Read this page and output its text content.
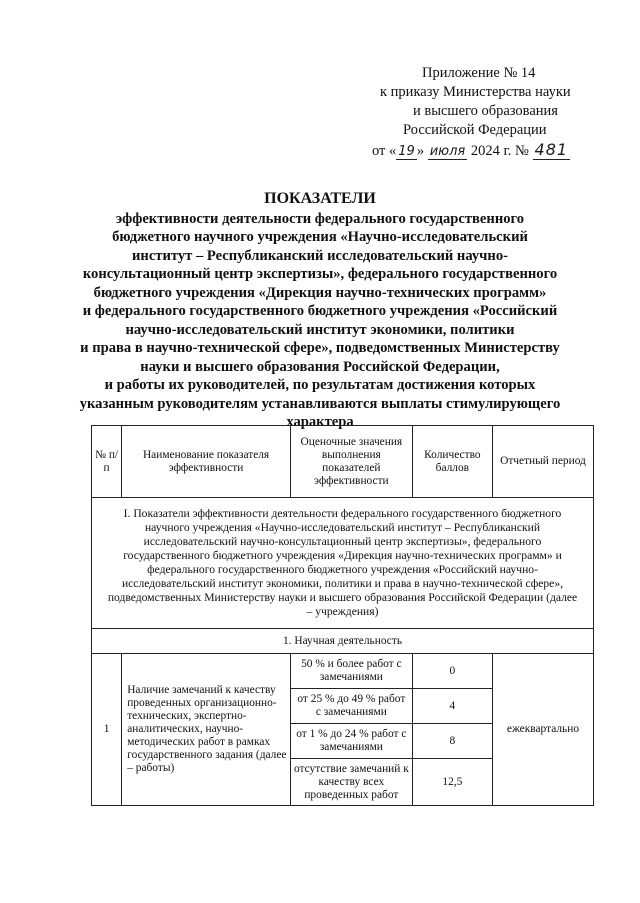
Приложение № 14
к приказу Министерства науки
и высшего образования
Российской Федерации
от « 19 » июля 2024 г. № 481
ПОКАЗАТЕЛИ
эффективности деятельности федерального государственного
бюджетного научного учреждения «Научно-исследовательский
институт – Республиканский исследовательский научно-
консультационный центр экспертизы», федерального государственного
бюджетного учреждения «Дирекция научно-технических программ»
и федерального государственного бюджетного учреждения «Российский
научно-исследовательский институт экономики, политики
и права в научно-технической сфере», подведомственных Министерству
науки и высшего образования Российской Федерации,
и работы их руководителей, по результатам достижения которых
указанным руководителям устанавливаются выплаты стимулирующего
характера
№ п/п	Наименование показателя эффективности	Оценочные значения выполнения показателей эффективности	Количество баллов	Отчетный период
I. Показатели эффективности деятельности федерального государственного бюджетного научного учреждения «Научно-исследовательский институт – Республиканский исследовательский научно-консультационный центр экспертизы», федерального государственного бюджетного учреждения «Дирекция научно-технических программ» и федерального государственного бюджетного учреждения «Российский научно-исследовательский институт экономики, политики и права в научно-технической сфере», подведомственных Министерству науки и высшего образования Российской Федерации (далее – учреждения)				
1. Научная деятельность				
1	Наличие замечаний к качеству проведенных организационно-технических, экспертно-аналитических, научно-методических работ в рамках государственного задания (далее – работы)	50 % и более работ с замечаниями	0	ежеквартально
		от 25 % до 49 % работ с замечаниями	4	
		от 1 % до 24 % работ с замечаниями	8	
		отсутствие замечаний к качеству всех проведенных работ	12,5	
